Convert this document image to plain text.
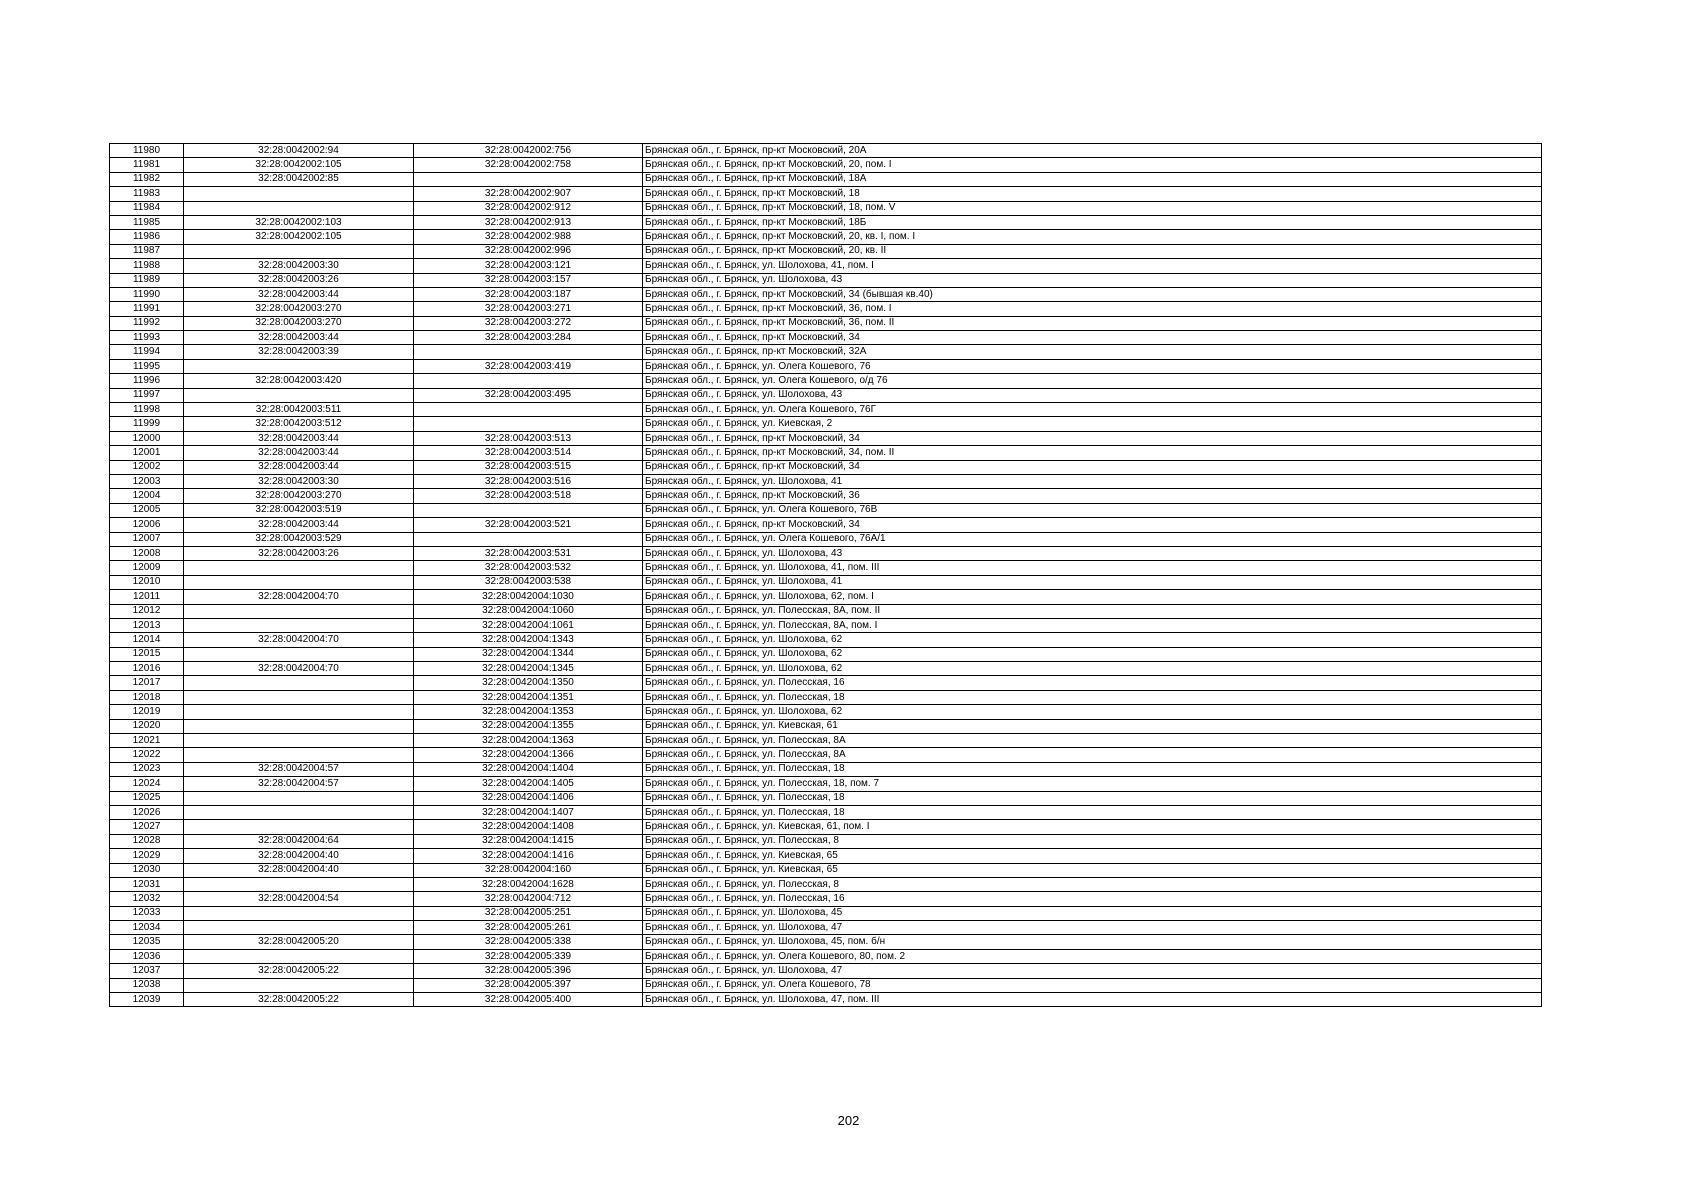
11980	32:28:0042002:94	32:28:0042002:756	Брянская обл., г. Брянск, пр-кт Московский, 20А
11981	32:28:0042002:105	32:28:0042002:758	Брянская обл., г. Брянск, пр-кт Московский, 20, пом. I
11982	32:28:0042002:85		Брянская обл., г. Брянск, пр-кт Московский, 18А
11983		32:28:0042002:907	Брянская обл., г. Брянск, пр-кт Московский, 18
11984		32:28:0042002:912	Брянская обл., г. Брянск, пр-кт Московский, 18, пом. V
11985	32:28:0042002:103	32:28:0042002:913	Брянская обл., г. Брянск, пр-кт Московский, 18Б
11986	32:28:0042002:105	32:28:0042002:988	Брянская обл., г. Брянск, пр-кт Московский, 20, кв. I, пом. I
11987		32:28:0042002:996	Брянская обл., г. Брянск, пр-кт Московский, 20, кв. II
11988	32:28:0042003:30	32:28:0042003:121	Брянская обл., г. Брянск, ул. Шолохова, 41, пом. I
11989	32:28:0042003:26	32:28:0042003:157	Брянская обл., г. Брянск, ул. Шолохова, 43
11990	32:28:0042003:44	32:28:0042003:187	Брянская обл., г. Брянск, пр-кт Московский, 34 (бывшая кв.40)
11991	32:28:0042003:270	32:28:0042003:271	Брянская обл., г. Брянск, пр-кт Московский, 36, пом. I
11992	32:28:0042003:270	32:28:0042003:272	Брянская обл., г. Брянск, пр-кт Московский, 36, пом. II
11993	32:28:0042003:44	32:28:0042003:284	Брянская обл., г. Брянск, пр-кт Московский, 34
11994	32:28:0042003:39		Брянская обл., г. Брянск, пр-кт Московский, 32А
11995		32:28:0042003:419	Брянская обл., г. Брянск, ул. Олега Кошевого, 76
11996	32:28:0042003:420		Брянская обл., г. Брянск, ул. Олега Кошевого, о/д 76
11997		32:28:0042003:495	Брянская обл., г. Брянск, ул. Шолохова, 43
11998	32:28:0042003:511		Брянская обл., г. Брянск, ул. Олега Кошевого, 76Г
11999	32:28:0042003:512		Брянская обл., г. Брянск, ул. Киевская, 2
12000	32:28:0042003:44	32:28:0042003:513	Брянская обл., г. Брянск, пр-кт Московский, 34
12001	32:28:0042003:44	32:28:0042003:514	Брянская обл., г. Брянск, пр-кт Московский, 34, пом. II
12002	32:28:0042003:44	32:28:0042003:515	Брянская обл., г. Брянск, пр-кт Московский, 34
12003	32:28:0042003:30	32:28:0042003:516	Брянская обл., г. Брянск, ул. Шолохова, 41
12004	32:28:0042003:270	32:28:0042003:518	Брянская обл., г. Брянск, пр-кт Московский, 36
12005	32:28:0042003:519		Брянская обл., г. Брянск, ул. Олега Кошевого, 76В
12006	32:28:0042003:44	32:28:0042003:521	Брянская обл., г. Брянск, пр-кт Московский, 34
12007	32:28:0042003:529		Брянская обл., г. Брянск, ул. Олега Кошевого, 76А/1
12008	32:28:0042003:26	32:28:0042003:531	Брянская обл., г. Брянск, ул. Шолохова, 43
12009		32:28:0042003:532	Брянская обл., г. Брянск, ул. Шолохова, 41, пом. III
12010		32:28:0042003:538	Брянская обл., г. Брянск, ул. Шолохова, 41
12011	32:28:0042004:70	32:28:0042004:1030	Брянская обл., г. Брянск, ул. Шолохова, 62, пом. I
12012		32:28:0042004:1060	Брянская обл., г. Брянск, ул. Полесская, 8А, пом. II
12013		32:28:0042004:1061	Брянская обл., г. Брянск, ул. Полесская, 8А, пом. I
12014	32:28:0042004:70	32:28:0042004:1343	Брянская обл., г. Брянск, ул. Шолохова, 62
12015		32:28:0042004:1344	Брянская обл., г. Брянск, ул. Шолохова, 62
12016	32:28:0042004:70	32:28:0042004:1345	Брянская обл., г. Брянск, ул. Шолохова, 62
12017		32:28:0042004:1350	Брянская обл., г. Брянск, ул. Полесская, 16
12018		32:28:0042004:1351	Брянская обл., г. Брянск, ул. Полесская, 18
12019		32:28:0042004:1353	Брянская обл., г. Брянск, ул. Шолохова, 62
12020		32:28:0042004:1355	Брянская обл., г. Брянск, ул. Киевская, 61
12021		32:28:0042004:1363	Брянская обл., г. Брянск, ул. Полесская, 8А
12022		32:28:0042004:1366	Брянская обл., г. Брянск, ул. Полесская, 8А
12023	32:28:0042004:57	32:28:0042004:1404	Брянская обл., г. Брянск, ул. Полесская, 18
12024	32:28:0042004:57	32:28:0042004:1405	Брянская обл., г. Брянск, ул. Полесская, 18, пом. 7
12025		32:28:0042004:1406	Брянская обл., г. Брянск, ул. Полесская, 18
12026		32:28:0042004:1407	Брянская обл., г. Брянск, ул. Полесская, 18
12027		32:28:0042004:1408	Брянская обл., г. Брянск, ул. Киевская, 61, пом. I
12028	32:28:0042004:64	32:28:0042004:1415	Брянская обл., г. Брянск, ул. Полесская, 8
12029	32:28:0042004:40	32:28:0042004:1416	Брянская обл., г. Брянск, ул. Киевская, 65
12030	32:28:0042004:40	32:28:0042004:160	Брянская обл., г. Брянск, ул. Киевская, 65
12031		32:28:0042004:1628	Брянская обл., г. Брянск, ул. Полесская, 8
12032	32:28:0042004:54	32:28:0042004:712	Брянская обл., г. Брянск, ул. Полесская, 16
12033		32:28:0042005:251	Брянская обл., г. Брянск, ул. Шолохова, 45
12034		32:28:0042005:261	Брянская обл., г. Брянск, ул. Шолохова, 47
12035	32:28:0042005:20	32:28:0042005:338	Брянская обл., г. Брянск, ул. Шолохова, 45, пом. б/н
12036		32:28:0042005:339	Брянская обл., г. Брянск, ул. Олега Кошевого, 80, пом. 2
12037	32:28:0042005:22	32:28:0042005:396	Брянская обл., г. Брянск, ул. Шолохова, 47
12038		32:28:0042005:397	Брянская обл., г. Брянск, ул. Олега Кошевого, 78
12039	32:28:0042005:22	32:28:0042005:400	Брянская обл., г. Брянск, ул. Шолохова, 47, пом. III
202
